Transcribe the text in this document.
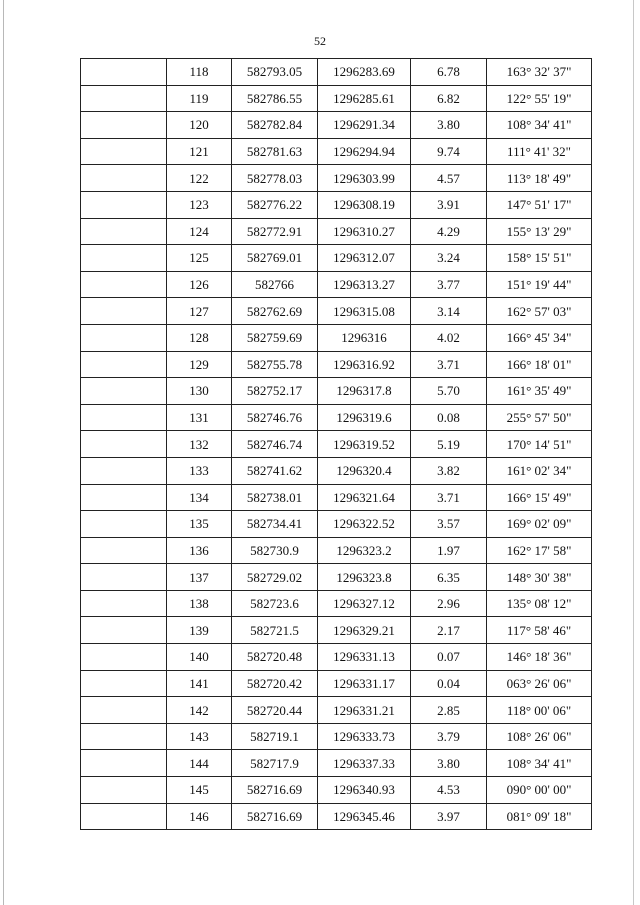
52
	118	582793.05	1296283.69	6.78	163° 32' 37"
	119	582786.55	1296285.61	6.82	122° 55' 19"
	120	582782.84	1296291.34	3.80	108° 34' 41"
	121	582781.63	1296294.94	9.74	111° 41' 32"
	122	582778.03	1296303.99	4.57	113° 18' 49"
	123	582776.22	1296308.19	3.91	147° 51' 17"
	124	582772.91	1296310.27	4.29	155° 13' 29"
	125	582769.01	1296312.07	3.24	158° 15' 51"
	126	582766	1296313.27	3.77	151° 19' 44"
	127	582762.69	1296315.08	3.14	162° 57' 03"
	128	582759.69	1296316	4.02	166° 45' 34"
	129	582755.78	1296316.92	3.71	166° 18' 01"
	130	582752.17	1296317.8	5.70	161° 35' 49"
	131	582746.76	1296319.6	0.08	255° 57' 50"
	132	582746.74	1296319.52	5.19	170° 14' 51"
	133	582741.62	1296320.4	3.82	161° 02' 34"
	134	582738.01	1296321.64	3.71	166° 15' 49"
	135	582734.41	1296322.52	3.57	169° 02' 09"
	136	582730.9	1296323.2	1.97	162° 17' 58"
	137	582729.02	1296323.8	6.35	148° 30' 38"
	138	582723.6	1296327.12	2.96	135° 08' 12"
	139	582721.5	1296329.21	2.17	117° 58' 46"
	140	582720.48	1296331.13	0.07	146° 18' 36"
	141	582720.42	1296331.17	0.04	063° 26' 06"
	142	582720.44	1296331.21	2.85	118° 00' 06"
	143	582719.1	1296333.73	3.79	108° 26' 06"
	144	582717.9	1296337.33	3.80	108° 34' 41"
	145	582716.69	1296340.93	4.53	090° 00' 00"
	146	582716.69	1296345.46	3.97	081° 09' 18"
